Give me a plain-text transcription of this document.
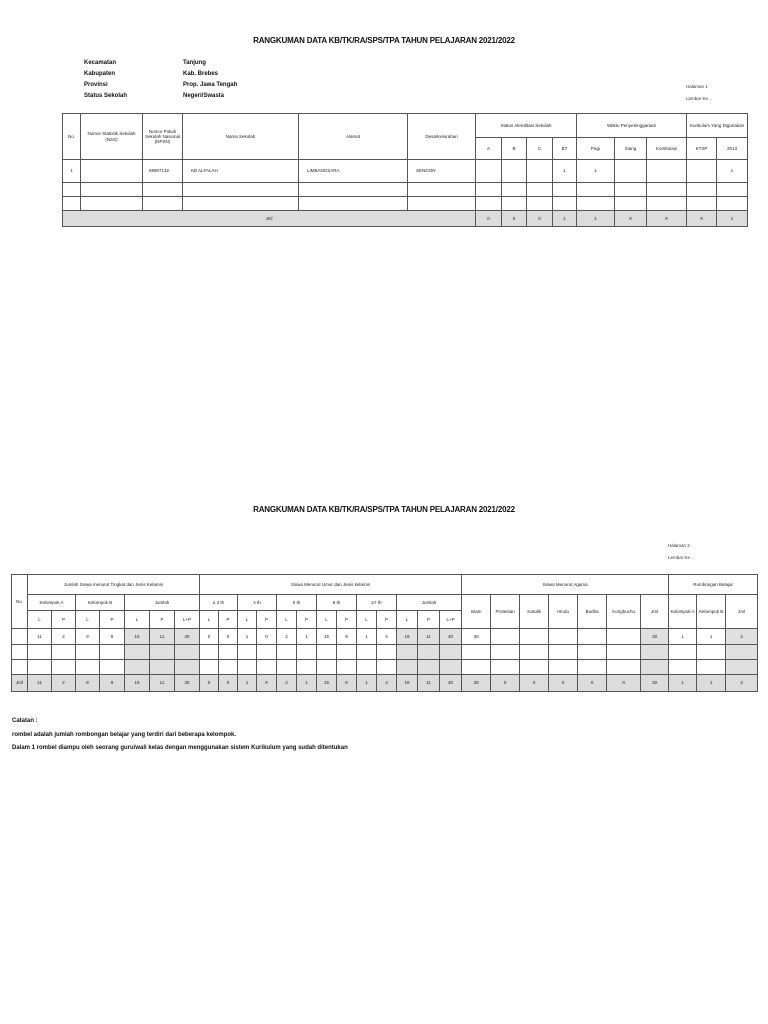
RANGKUMAN DATA KB/TK/RA/SPS/TPA TAHUN PELAJARAN 2021/2022
Kecamatan	Tanjung
Kabupaten	Kab. Brebes
Provinsi	Prop. Jawa Tengah
Status Sekolah	Negeri/Swasta
Halaman 1
Lembar Ke ..
No.	Nomor Statistik Sekolah (NSS)	Nomor Pokok Sekolah Nasional (NPSN)	Nama Sekolah	Alamat	Desa/Kelurahan	Status Akreditasi Sekolah				Waktu Penyelenggaraan			Kurikulum Yang Digunakan	
						A	B	C	BT	Pagi	Siang	Kombinasi	KTSP	2013
1		69907132	KB ALFALAH	LIMBANGSARA	SENGON				1	1				1

Jml						0	0	0	1	1	0	0	0	1
RANGKUMAN DATA KB/TK/RA/SPS/TPA TAHUN PELAJARAN 2021/2022
Halaman 2
Lembar Ke ..
No.	Jumlah Siswa menurut Tingkat dan Jenis Kelamin							Siswa Menurut Umur dan Jenis kelamin													Siswa Menurut Agama							Rombongan Belajar		
	Kelompok A		Kelompok B		Jumlah			≤ 3 th		4 th		5 th		6 th		≥7 th		Jumlah			Islam	Protestan	Katolik	Hindu	Budha	Konghuchu	Jml	Kelompok A	Kelompok B	Jml
	L	P	L	P	L	P	L+P	L	P	L	P	L	P	L	P	L	P	L	P	L+P										
	11	2	8	9	19	11	30	0	0	1	0	2	1	15	8	1	4	19	11	30	30						30	1	1	2

Jml	11	2	8	9	19	11	30	0	0	1	0	2	1	15	8	1	4	19	11	30	30	0	0	0	0	0	30	1	1	2
Catatan :
rombel adalah jumlah rombongan belajar yang terdiri dari beberapa kelompok.
Dalam 1 rombel diampu oleh seorang guru/wali kelas dengan menggunakan sistem Kurikulum yang sudah ditentukan
